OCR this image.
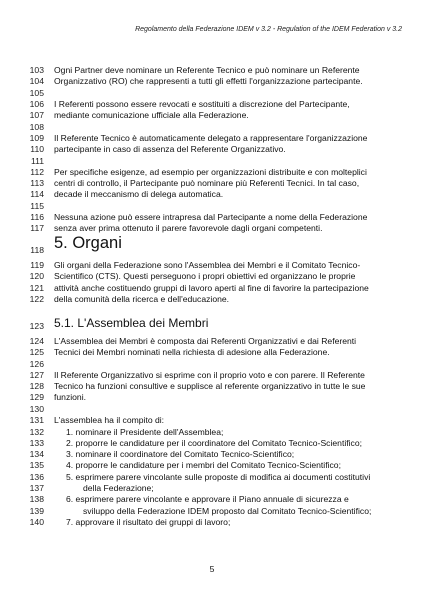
Regolamento della Federazione IDEM v 3.2 - Regulation of the IDEM Federation v 3.2
103 Ogni Partner deve nominare un Referente Tecnico e può nominare un Referente
104 Organizzativo (RO) che rappresenti a tutti gli effetti l'organizzazione partecipante.
105
106 I Referenti possono essere revocati e sostituiti a discrezione del Partecipante,
107 mediante comunicazione ufficiale alla Federazione.
108
109 Il Referente Tecnico è automaticamente delegato a rappresentare l'organizzazione
110 partecipante in caso di assenza del Referente Organizzativo.
111
112 Per specifiche esigenze, ad esempio per organizzazioni distribuite e con molteplici
113 centri di controllo, il Partecipante può nominare più Referenti Tecnici. In tal caso,
114 decade il meccanismo di delega automatica.
115
116 Nessuna azione può essere intrapresa dal Partecipante a nome della Federazione
117 senza aver prima ottenuto il parere favorevole dagli organi competenti.
118 5. Organi
119 Gli organi della Federazione sono l'Assemblea dei Membri e il Comitato Tecnico-
120 Scientifico (CTS). Questi perseguono i propri obiettivi ed organizzano le proprie
121 attività anche costituendo gruppi di lavoro aperti al fine di favorire la partecipazione
122 della comunità della ricerca e dell'educazione.
123 5.1. L'Assemblea dei Membri
124 L'Assemblea dei Membri è composta dai Referenti Organizzativi e dai Referenti
125 Tecnici dei Membri nominati nella richiesta di adesione alla Federazione.
126
127 Il Referente Organizzativo si esprime con il proprio voto e con parere. Il Referente
128 Tecnico ha funzioni consultive e supplisce al referente organizzativo in tutte le sue
129 funzioni.
130
131 L'assemblea ha il compito di:
132	1. nominare il Presidente dell'Assemblea;
133	2. proporre le candidature per il coordinatore del Comitato Tecnico-Scientifico;
134	3. nominare il coordinatore del Comitato Tecnico-Scientifico;
135	4. proporre le candidature per i membri del Comitato Tecnico-Scientifico;
136	5. esprimere parere vincolante sulle proposte di modifica ai documenti costitutivi
137	della Federazione;
138	6. esprimere parere vincolante e approvare il Piano annuale di sicurezza e
139	sviluppo della Federazione IDEM proposto dal Comitato Tecnico-Scientifico;
140	7. approvare il risultato dei gruppi di lavoro;
5
